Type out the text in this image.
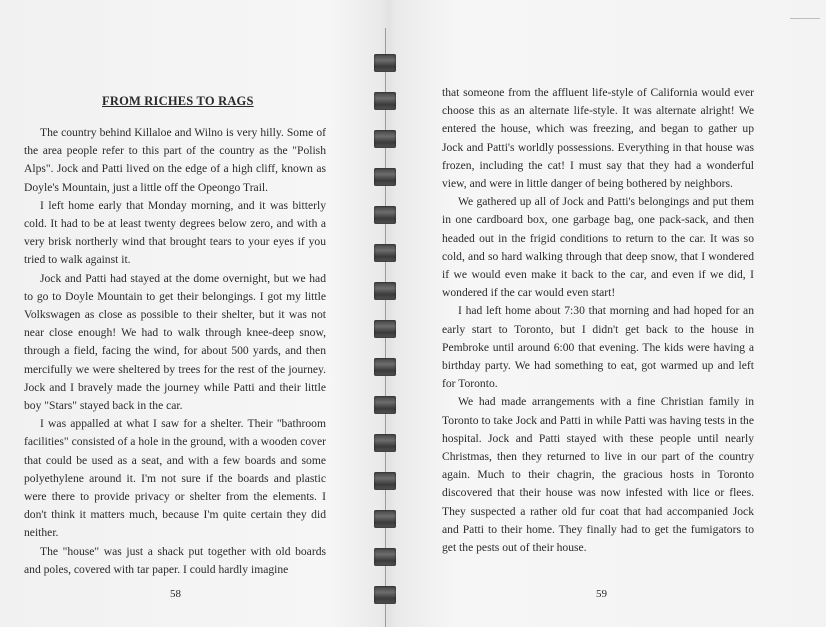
FROM RICHES TO RAGS

The country behind Killaloe and Wilno is very hilly. Some of the area people refer to this part of the country as the "Polish Alps". Jock and Patti lived on the edge of a high cliff, known as Doyle's Mountain, just a little off the Opeongo Trail.

I left home early that Monday morning, and it was bitterly cold. It had to be at least twenty degrees below zero, and with a very brisk northerly wind that brought tears to your eyes if you tried to walk against it.

Jock and Patti had stayed at the dome overnight, but we had to go to Doyle Mountain to get their belongings. I got my little Volkswagen as close as possible to their shelter, but it was not near close enough! We had to walk through knee-deep snow, through a field, facing the wind, for about 500 yards, and then mercifully we were sheltered by trees for the rest of the journey. Jock and I bravely made the journey while Patti and their little boy "Stars" stayed back in the car.

I was appalled at what I saw for a shelter. Their "bathroom facilities" consisted of a hole in the ground, with a wooden cover that could be used as a seat, and with a few boards and some polyethylene around it. I'm not sure if the boards and plastic were there to provide privacy or shelter from the elements. I don't think it matters much, because I'm quite certain they did neither.

The "house" was just a shack put together with old boards and poles, covered with tar paper. I could hardly imagine

58

that someone from the affluent life-style of California would ever choose this as an alternate life-style. It was alternate alright! We entered the house, which was freezing, and began to gather up Jock and Patti's worldly possessions. Everything in that house was frozen, including the cat! I must say that they had a wonderful view, and were in little danger of being bothered by neighbors.

We gathered up all of Jock and Patti's belongings and put them in one cardboard box, one garbage bag, one pack-sack, and then headed out in the frigid conditions to return to the car. It was so cold, and so hard walking through that deep snow, that I wondered if we would even make it back to the car, and even if we did, I wondered if the car would even start!

I had left home about 7:30 that morning and had hoped for an early start to Toronto, but I didn't get back to the house in Pembroke until around 6:00 that evening. The kids were having a birthday party. We had something to eat, got warmed up and left for Toronto.

We had made arrangements with a fine Christian family in Toronto to take Jock and Patti in while Patti was having tests in the hospital. Jock and Patti stayed with these people until nearly Christmas, then they returned to live in our part of the country again. Much to their chagrin, the gracious hosts in Toronto discovered that their house was now infested with lice or flees. They suspected a rather old fur coat that had accompanied Jock and Patti to their home. They finally had to get the fumigators to get the pests out of their house.

59
